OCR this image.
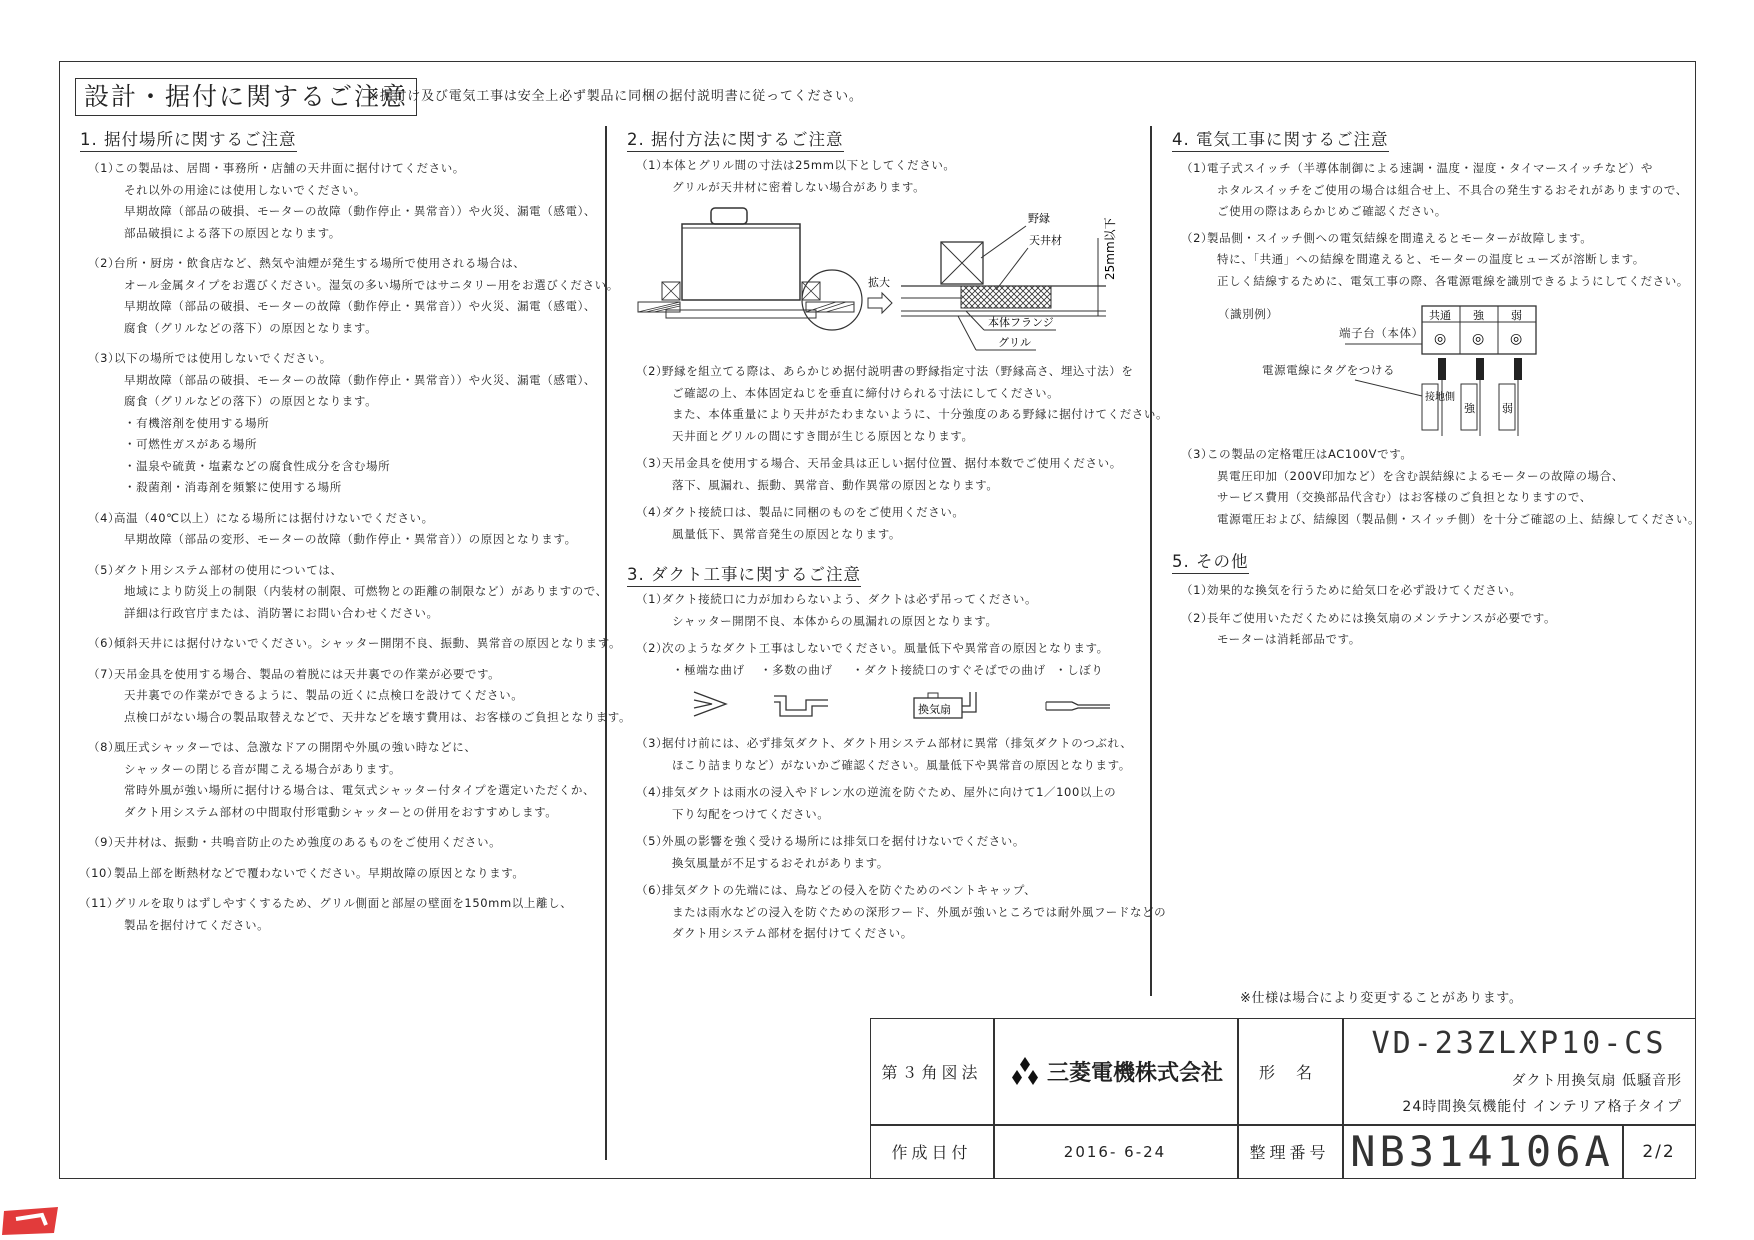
設計・据付に関するご注意
※据付け及び電気工事は安全上必ず製品に同梱の据付説明書に従ってください。
1. 据付場所に関するご注意
（1）
この製品は、居間・事務所・店舗の天井面に据付けてください。
それ以外の用途には使用しないでください。
早期故障（部品の破損、モーターの故障（動作停止・異常音））や火災、漏電（感電）、
部品破損による落下の原因となります。
（2）
台所・厨房・飲食店など、熱気や油煙が発生する場所で使用される場合は、
オール金属タイプをお選びください。湿気の多い場所ではサニタリー用をお選びください。
早期故障（部品の破損、モーターの故障（動作停止・異常音））や火災、漏電（感電）、
腐食（グリルなどの落下）の原因となります。
（3）
以下の場所では使用しないでください。
早期故障（部品の破損、モーターの故障（動作停止・異常音））や火災、漏電（感電）、
腐食（グリルなどの落下）の原因となります。
・有機溶剤を使用する場所
・可燃性ガスがある場所
・温泉や硫黄・塩素などの腐食性成分を含む場所
・殺菌剤・消毒剤を頻繁に使用する場所
（4）
高温（40℃以上）になる場所には据付けないでください。
早期故障（部品の変形、モーターの故障（動作停止・異常音））の原因となります。
（5）
ダクト用システム部材の使用については、
地域により防災上の制限（内装材の制限、可燃物との距離の制限など）がありますので、
詳細は行政官庁または、消防署にお問い合わせください。
（6）
傾斜天井には据付けないでください。シャッター開閉不良、振動、異常音の原因となります。
（7）
天吊金具を使用する場合、製品の着脱には天井裏での作業が必要です。
天井裏での作業ができるように、製品の近くに点検口を設けてください。
点検口がない場合の製品取替えなどで、天井などを壊す費用は、お客様のご負担となります。
（8）
風圧式シャッターでは、急激なドアの開閉や外風の強い時などに、
シャッターの閉じる音が聞こえる場合があります。
常時外風が強い場所に据付ける場合は、電気式シャッター付タイプを選定いただくか、
ダクト用システム部材の中間取付形電動シャッターとの併用をおすすめします。
（9）
天井材は、振動・共鳴音防止のため強度のあるものをご使用ください。
（10）
製品上部を断熱材などで覆わないでください。早期故障の原因となります。
（11）
グリルを取りはずしやすくするため、グリル側面と部屋の壁面を150mm以上離し、
製品を据付けてください。
2. 据付方法に関するご注意
（1）
本体とグリル間の寸法は25mm以下としてください。
グリルが天井材に密着しない場合があります。
拡大
野縁
天井材
本体フランジ
グリル
25mm以下
（2）
野縁を組立てる際は、あらかじめ据付説明書の野縁指定寸法（野縁高さ、埋込寸法）を
ご確認の上、本体固定ねじを垂直に締付けられる寸法にしてください。
また、本体重量により天井がたわまないように、十分強度のある野縁に据付けてください。
天井面とグリルの間にすき間が生じる原因となります。
（3）
天吊金具を使用する場合、天吊金具は正しい据付位置、据付本数でご使用ください。
落下、風漏れ、振動、異常音、動作異常の原因となります。
（4）
ダクト接続口は、製品に同梱のものをご使用ください。
風量低下、異常音発生の原因となります。
3. ダクト工事に関するご注意
（1）
ダクト接続口に力が加わらないよう、ダクトは必ず吊ってください。
シャッター開閉不良、本体からの風漏れの原因となります。
（2）
次のようなダクト工事はしないでください。風量低下や異常音の原因となります。
・極端な曲げ ・多数の曲げ ・ダクト接続口のすぐそばでの曲げ ・しぼり
換気扇
（3）
据付け前には、必ず排気ダクト、ダクト用システム部材に異常（排気ダクトのつぶれ、
ほこり詰まりなど）がないかご確認ください。風量低下や異常音の原因となります。
（4）
排気ダクトは雨水の浸入やドレン水の逆流を防ぐため、屋外に向けて1／100以上の
下り勾配をつけてください。
（5）
外風の影響を強く受ける場所には排気口を据付けないでください。
換気風量が不足するおそれがあります。
（6）
排気ダクトの先端には、鳥などの侵入を防ぐためのベントキャップ、
または雨水などの浸入を防ぐための深形フード、外風が強いところでは耐外風フードなどの
ダクト用システム部材を据付けてください。
4. 電気工事に関するご注意
（1）
電子式スイッチ（半導体制御による速調・温度・湿度・タイマースイッチなど）や
ホタルスイッチをご使用の場合は組合せ上、不具合の発生するおそれがありますので、
ご使用の際はあらかじめご確認ください。
（2）
製品側・スイッチ側への電気結線を間違えるとモーターが故障します。
特に、「共通」への結線を間違えると、モーターの温度ヒューズが溶断します。
正しく結線するために、電気工事の際、各電源電線を識別できるようにしてください。
（識別例）
端子台（本体）
電源電線にタグをつける
共通 強 弱
◎ ◎ ◎
接地側
強 弱
（3）
この製品の定格電圧はAC100Vです。
異電圧印加（200V印加など）を含む誤結線によるモーターの故障の場合、
サービス費用（交換部品代含む）はお客様のご負担となりますので、
電源電圧および、結線図（製品側・スイッチ側）を十分ご確認の上、結線してください。
5. その他
（1）
効果的な換気を行うために給気口を必ず設けてください。
（2）
長年ご使用いただくためには換気扇のメンテナンスが必要です。
モーターは消耗部品です。
※仕様は場合により変更することがあります。
第３角図法	三菱電機株式会社	形 名
VD-23ZLXP10-CS
ダクト用換気扇 低騒音形
24時間換気機能付 インテリア格子タイプ
作成日付	2016- 6-24	整理番号 NB314106A	2/2
